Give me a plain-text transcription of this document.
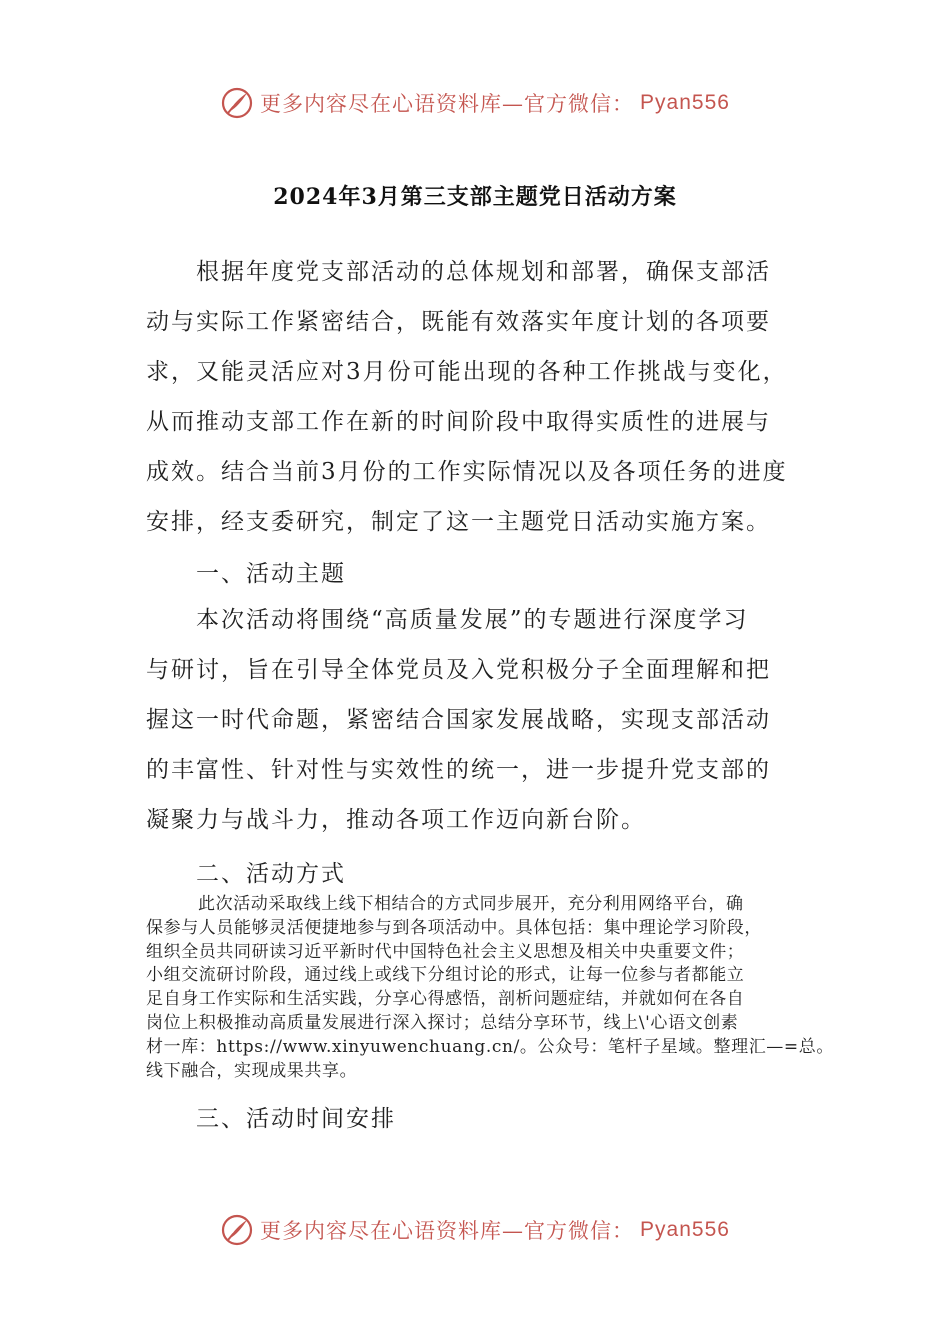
更多内容尽在心语资料库—官方微信： Pyan556
2024年3月第三支部主题党日活动方案
根据年度党支部活动的总体规划和部署，确保支部活
动与实际工作紧密结合，既能有效落实年度计划的各项要
求，又能灵活应对3月份可能出现的各种工作挑战与变化，
从而推动支部工作在新的时间阶段中取得实质性的进展与
成效。结合当前3月份的工作实际情况以及各项任务的进度
安排，经支委研究，制定了这一主题党日活动实施方案。
一、活动主题
本次活动将围绕“高质量发展”的专题进行深度学习
与研讨，旨在引导全体党员及入党积极分子全面理解和把
握这一时代命题，紧密结合国家发展战略，实现支部活动
的丰富性、针对性与实效性的统一，进一步提升党支部的
凝聚力与战斗力，推动各项工作迈向新台阶。
二、活动方式
此次活动采取线上线下相结合的方式同步展开，充分利用网络平台，确
保参与人员能够灵活便捷地参与到各项活动中。具体包括：集中理论学习阶段，
组织全员共同研读习近平新时代中国特色社会主义思想及相关中央重要文件；
小组交流研讨阶段，通过线上或线下分组讨论的形式，让每一位参与者都能立
足自身工作实际和生活实践，分享心得感悟，剖析问题症结，并就如何在各自
岗位上积极推动高质量发展进行深入探讨；总结分享环节，线上\'心语文创素
材一库：https://www.xinyuwenchuang.cn/。公众号：笔杆子星域。整理汇—=总。
线下融合，实现成果共享。
三、活动时间安排
更多内容尽在心语资料库—官方微信： Pyan556
